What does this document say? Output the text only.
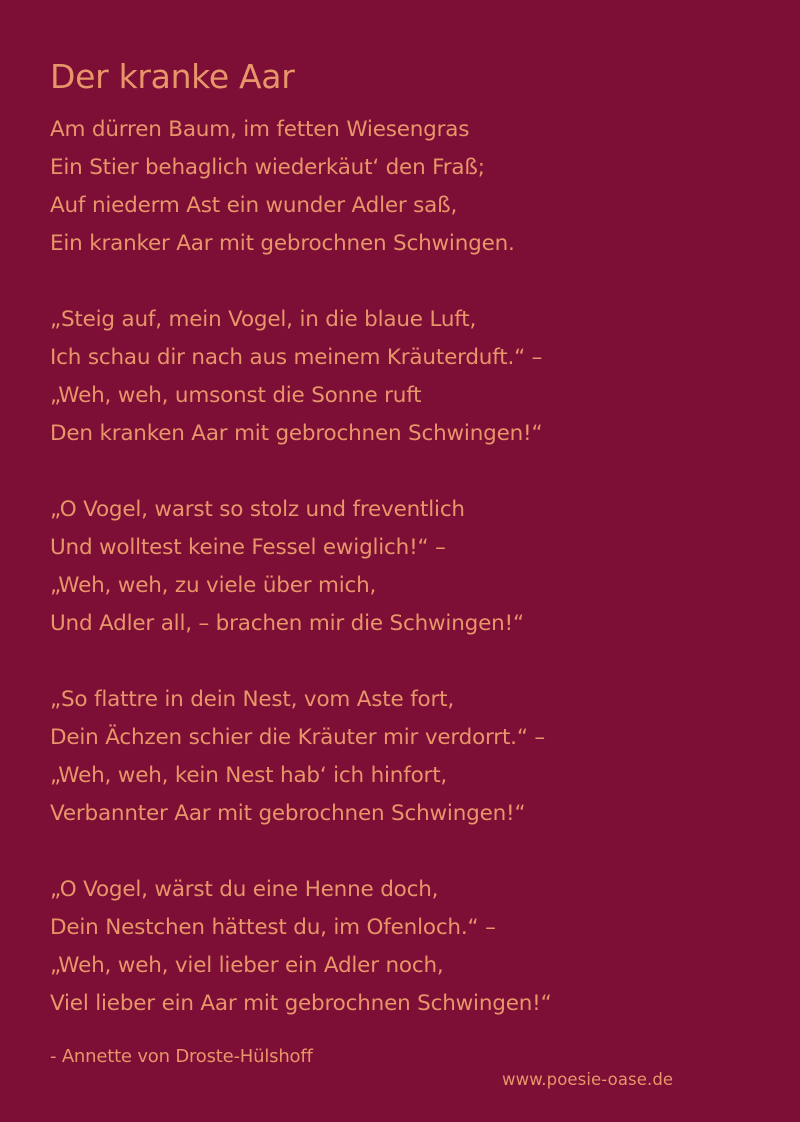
Der kranke Aar
Am dürren Baum, im fetten Wiesengras
Ein Stier behaglich wiederkäut‘ den Fraß;
Auf niederm Ast ein wunder Adler saß,
Ein kranker Aar mit gebrochnen Schwingen.
„Steig auf, mein Vogel, in die blaue Luft,
Ich schau dir nach aus meinem Kräuterduft.“ –
„Weh, weh, umsonst die Sonne ruft
Den kranken Aar mit gebrochnen Schwingen!“
„O Vogel, warst so stolz und freventlich
Und wolltest keine Fessel ewiglich!“ –
„Weh, weh, zu viele über mich,
Und Adler all, – brachen mir die Schwingen!“
„So flattre in dein Nest, vom Aste fort,
Dein Ächzen schier die Kräuter mir verdorrt.“ –
„Weh, weh, kein Nest hab‘ ich hinfort,
Verbannter Aar mit gebrochnen Schwingen!“
„O Vogel, wärst du eine Henne doch,
Dein Nestchen hättest du, im Ofenloch.“ –
„Weh, weh, viel lieber ein Adler noch,
Viel lieber ein Aar mit gebrochnen Schwingen!“
- Annette von Droste-Hülshoff
www.poesie-oase.de
